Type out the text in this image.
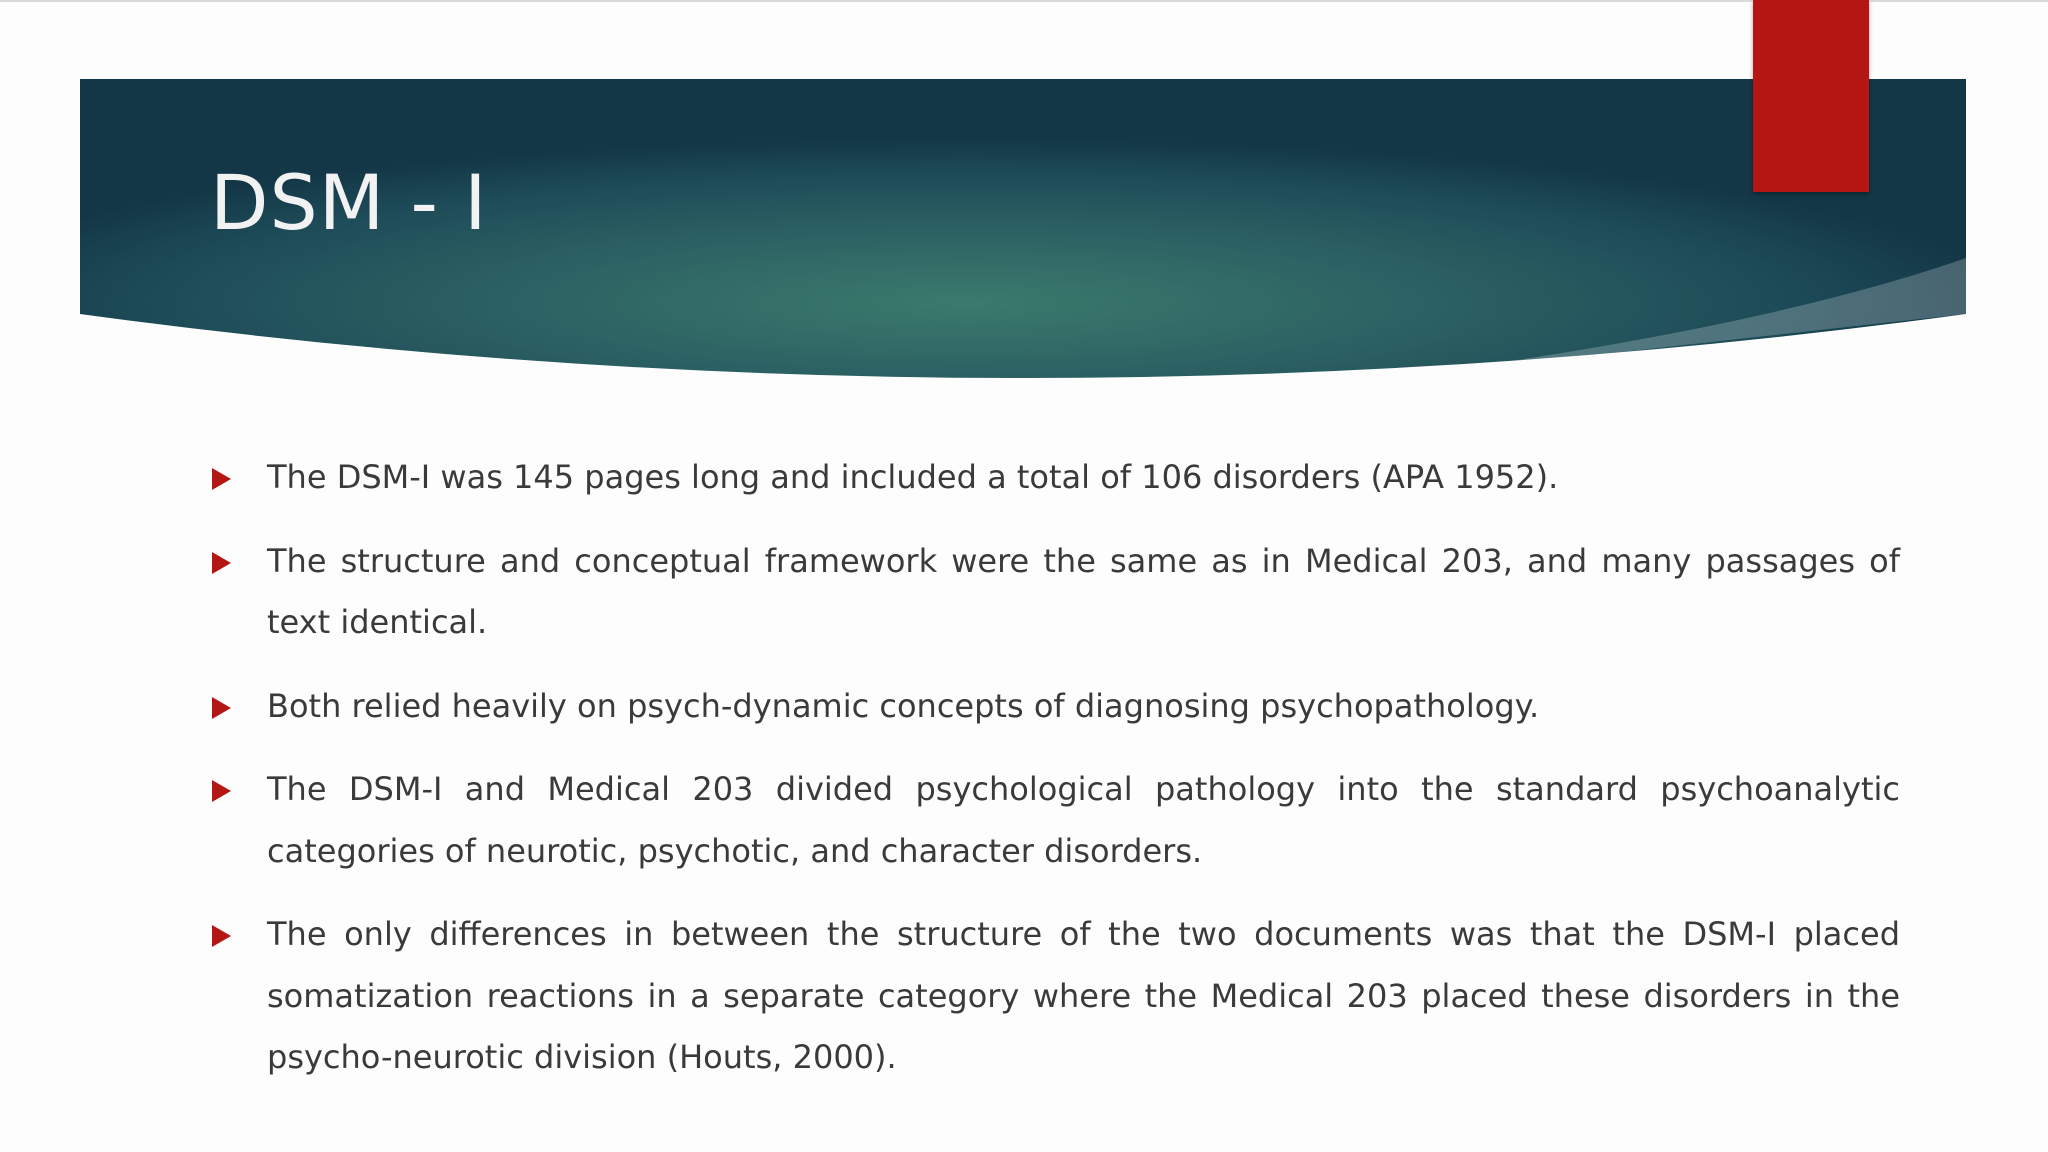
DSM - I
The DSM-I was 145 pages long and included a total of 106 disorders (APA 1952).
The structure and conceptual framework were the same as in Medical 203, and many passages of text identical.
Both relied heavily on psych-dynamic concepts of diagnosing psychopathology.
The DSM-I and Medical 203 divided psychological pathology into the standard psychoanalytic categories of neurotic, psychotic, and character disorders.
The only differences in between the structure of the two documents was that the DSM-I placed somatization reactions in a separate category where the Medical 203 placed these disorders in the psycho-neurotic division (Houts, 2000).
